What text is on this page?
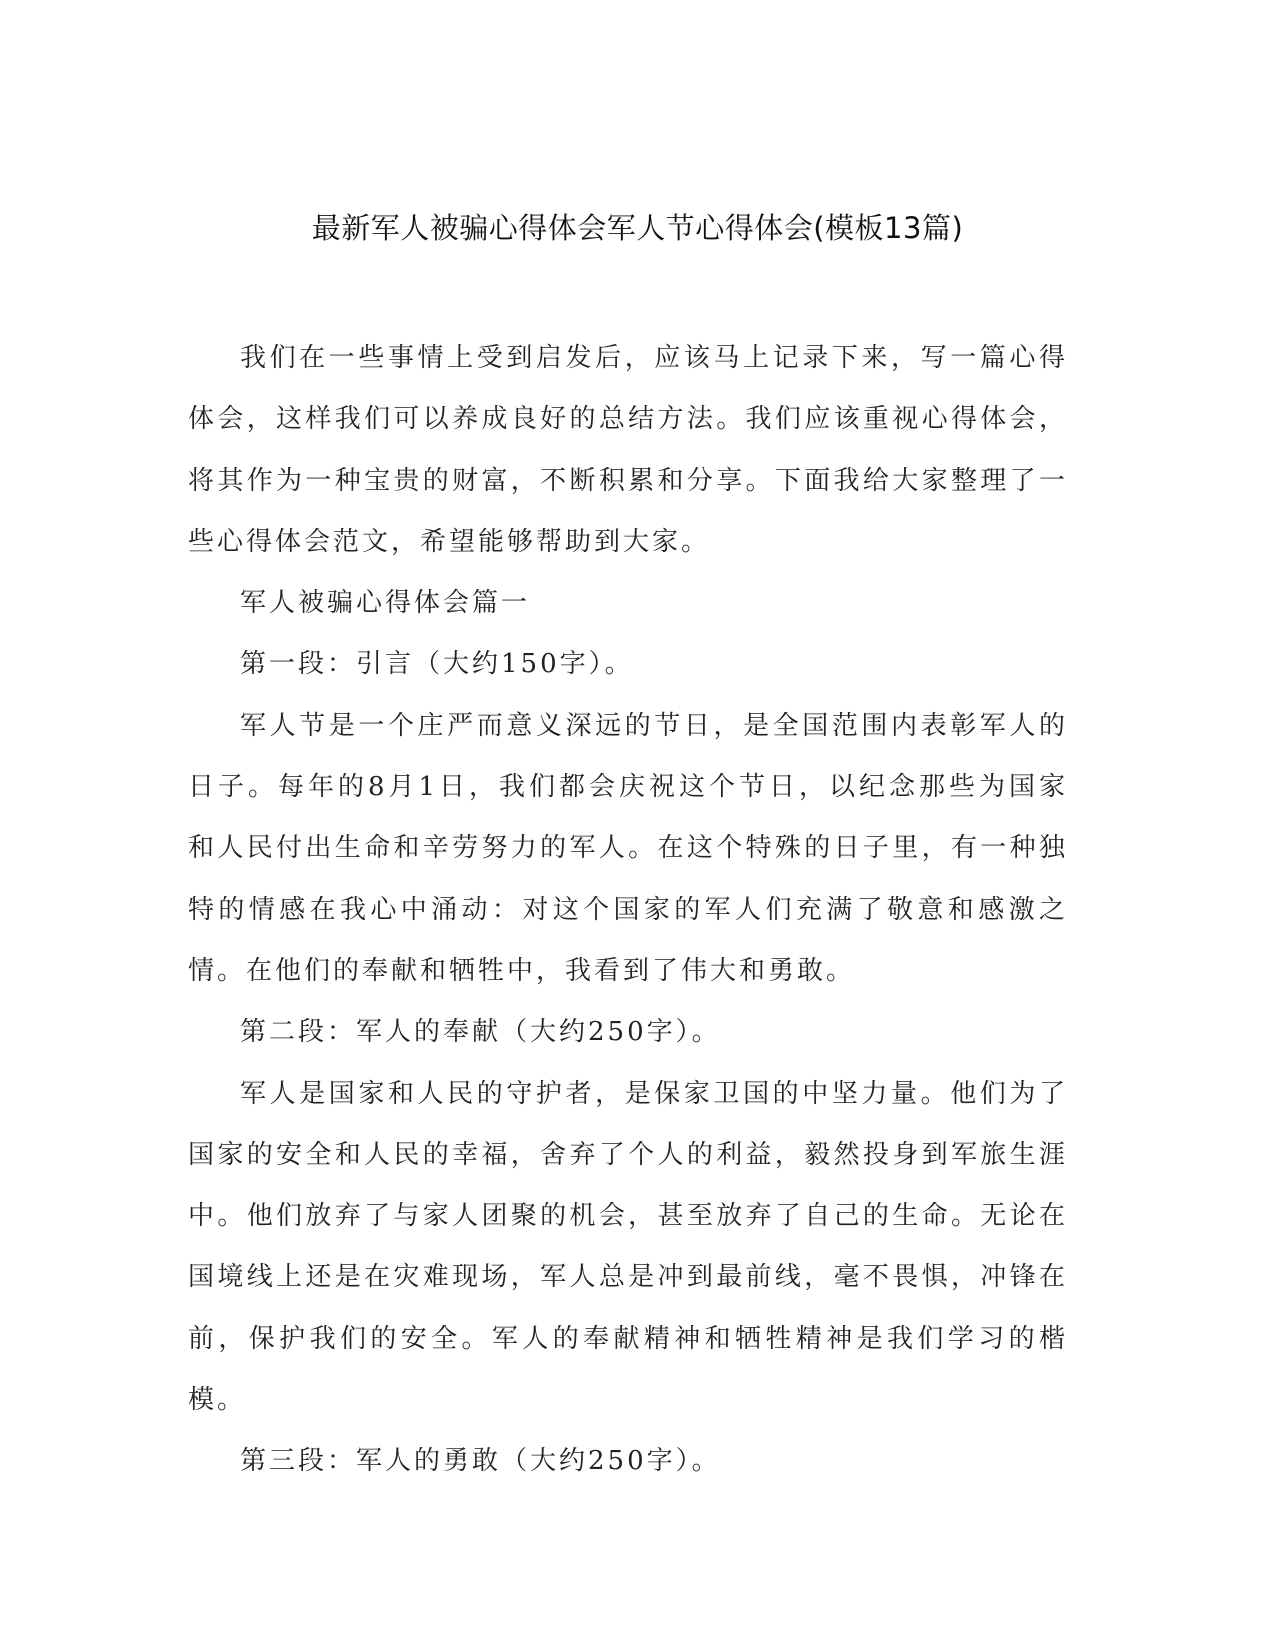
最新军人被骗心得体会军人节心得体会(模板13篇)

我们在一些事情上受到启发后，应该马上记录下来，写一篇心得体会，这样我们可以养成良好的总结方法。我们应该重视心得体会，将其作为一种宝贵的财富，不断积累和分享。下面我给大家整理了一些心得体会范文，希望能够帮助到大家。

军人被骗心得体会篇一

第一段：引言（大约150字）。

军人节是一个庄严而意义深远的节日，是全国范围内表彰军人的日子。每年的8月1日，我们都会庆祝这个节日，以纪念那些为国家和人民付出生命和辛劳努力的军人。在这个特殊的日子里，有一种独特的情感在我心中涌动：对这个国家的军人们充满了敬意和感激之情。在他们的奉献和牺牲中，我看到了伟大和勇敢。

第二段：军人的奉献（大约250字）。

军人是国家和人民的守护者，是保家卫国的中坚力量。他们为了国家的安全和人民的幸福，舍弃了个人的利益，毅然投身到军旅生涯中。他们放弃了与家人团聚的机会，甚至放弃了自己的生命。无论在国境线上还是在灾难现场，军人总是冲到最前线，毫不畏惧，冲锋在前，保护我们的安全。军人的奉献精神和牺牲精神是我们学习的楷模。

第三段：军人的勇敢（大约250字）。
